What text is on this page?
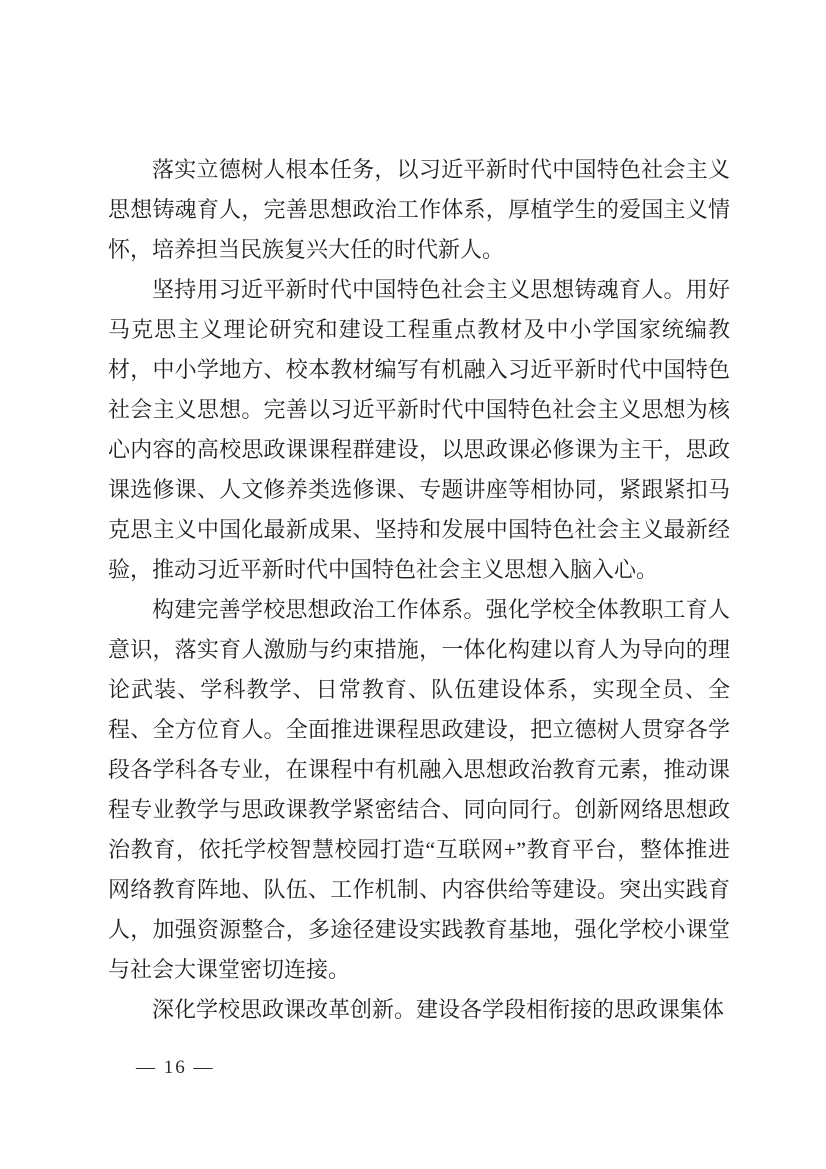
落实立德树人根本任务，以习近平新时代中国特色社会主义思想铸魂育人，完善思想政治工作体系，厚植学生的爱国主义情怀，培养担当民族复兴大任的时代新人。

坚持用习近平新时代中国特色社会主义思想铸魂育人。用好马克思主义理论研究和建设工程重点教材及中小学国家统编教材，中小学地方、校本教材编写有机融入习近平新时代中国特色社会主义思想。完善以习近平新时代中国特色社会主义思想为核心内容的高校思政课课程群建设，以思政课必修课为主干，思政课选修课、人文修养类选修课、专题讲座等相协同，紧跟紧扣马克思主义中国化最新成果、坚持和发展中国特色社会主义最新经验，推动习近平新时代中国特色社会主义思想入脑入心。

构建完善学校思想政治工作体系。强化学校全体教职工育人意识，落实育人激励与约束措施，一体化构建以育人为导向的理论武装、学科教学、日常教育、队伍建设体系，实现全员、全程、全方位育人。全面推进课程思政建设，把立德树人贯穿各学段各学科各专业，在课程中有机融入思想政治教育元素，推动课程专业教学与思政课教学紧密结合、同向同行。创新网络思想政治教育，依托学校智慧校园打造“互联网+”教育平台，整体推进网络教育阵地、队伍、工作机制、内容供给等建设。突出实践育人，加强资源整合，多途径建设实践教育基地，强化学校小课堂与社会大课堂密切连接。

深化学校思政课改革创新。建设各学段相衔接的思政课集体

— 16 —
